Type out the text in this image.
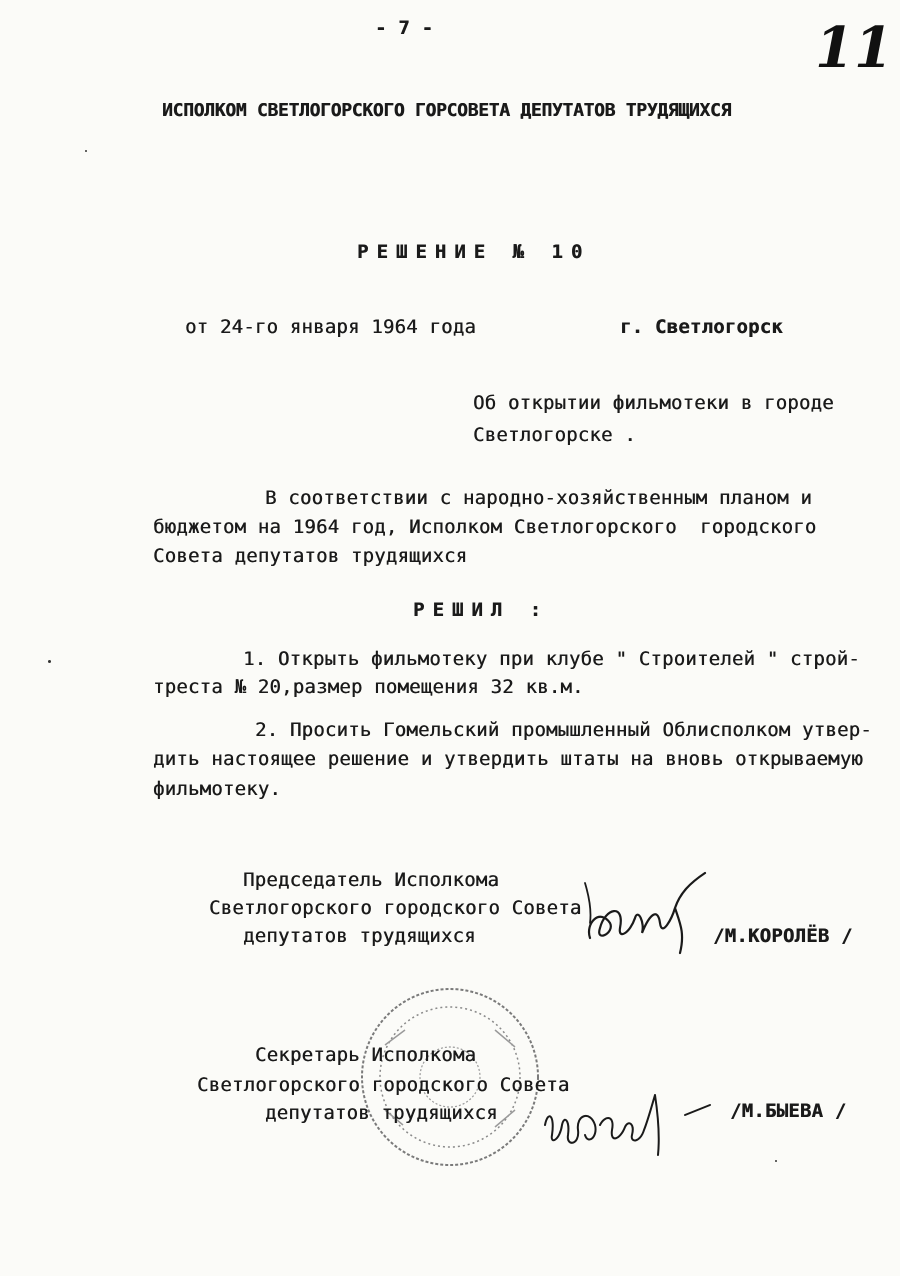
- 7 -	11
ИСПОЛКОМ СВЕТЛОГОРСКОГО ГОРСОВЕТА ДЕПУТАТОВ ТРУДЯЩИХСЯ
РЕШЕНИЕ № 10
от 24-го января 1964 года	г. Светлогорск
Об открытии фильмотеки в городе
Светлогорске .
В соответствии с народно-хозяйственным планом и
бюджетом на 1964 год, Исполком Светлогорского  городского
Совета депутатов трудящихся
РЕШИЛ :
1. Открыть фильмотеку при клубе " Строителей " строй-
треста № 20,размер помещения 32 кв.м.
2. Просить Гомельский промышленный Облисполком утвер-
дить настоящее решение и утвердить штаты на вновь открываемую
фильмотеку.
Председатель Исполкома
Светлогорского городского Совета
депутатов трудящихся	/М.КОРОЛЁВ /
Секретарь Исполкома
Светлогорского городского Совета
депутатов трудящихся	/М.БЫЕВА /
